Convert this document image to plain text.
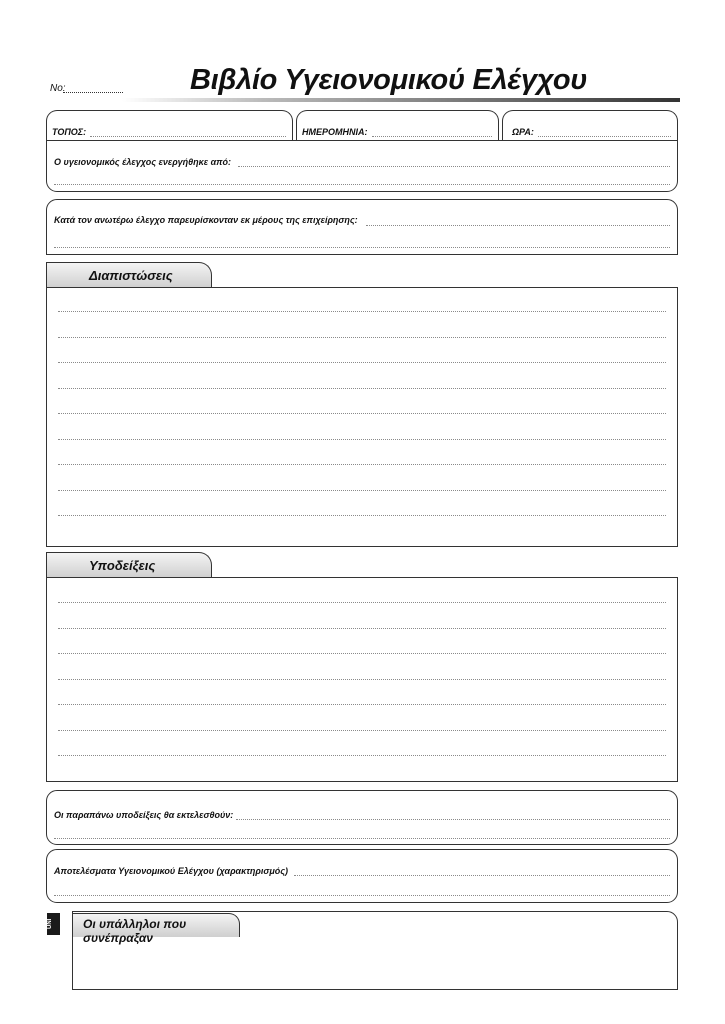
No:	Βιβλίο Υγειονομικού Ελέγχου
ΤΟΠΟΣ:	ΗΜΕΡΟΜΗΝΙΑ:	ΩΡΑ:
Ο υγειονομικός έλεγχος ενεργήθηκε από:
Κατά τον ανωτέρω έλεγχο παρευρίσκονταν εκ μέρους της επιχείρησης:
Διαπιστώσεις
Υποδείξεις
Οι παραπάνω υποδείξεις θα εκτελεσθούν:
Αποτελέσματα Υγειονομικού Ελέγχου (χαρακτηρισμός)
UNI	Οι υπάλληλοι που συνέπραξαν
